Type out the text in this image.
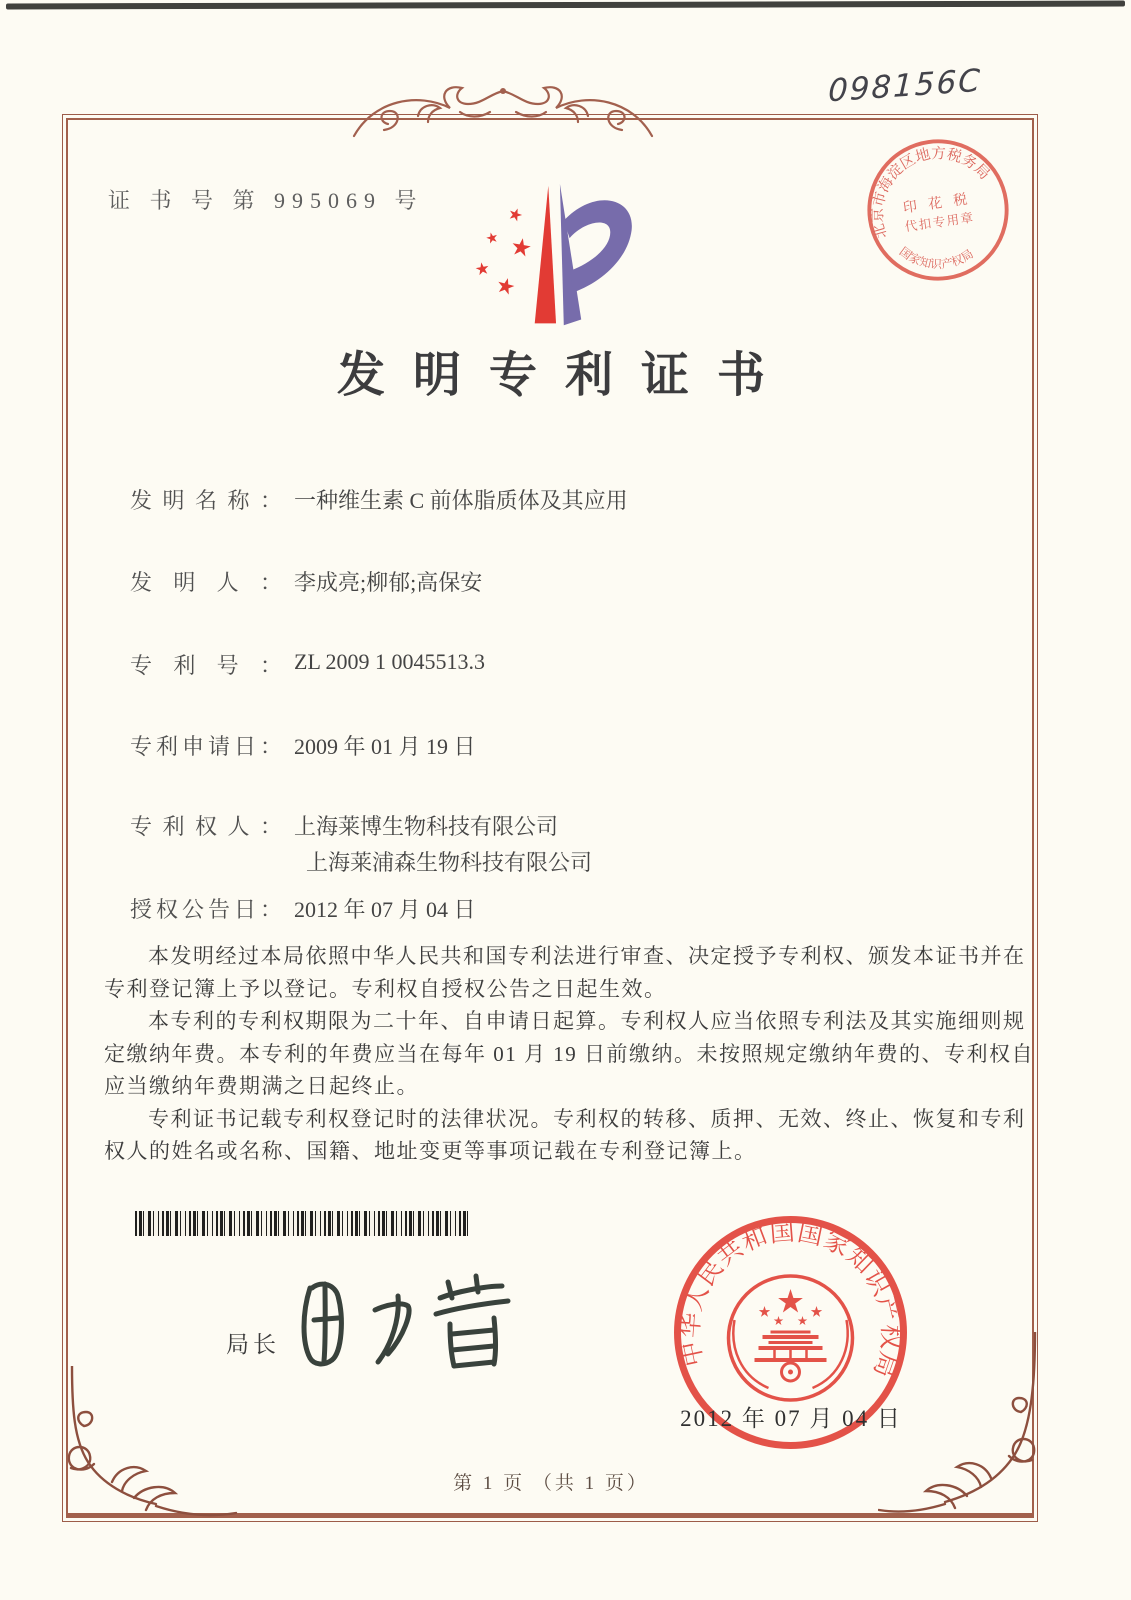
098156C
证 书 号 第 995069 号
北京市海淀区地方税务局
国家知识产权局
印 花 税
代扣专用章
发明专利证书
发明名称： 一种维生素 C 前体脂质体及其应用
发明人： 李成亮;柳郁;高保安
专利号： ZL 2009 1 0045513.3
专利申请日： 2009 年 01 月 19 日
专利权人： 上海莱博生物科技有限公司
上海莱浦森生物科技有限公司
授权公告日： 2012 年 07 月 04 日

本发明经过本局依照中华人民共和国专利法进行审查、决定授予专利权、颁发本证书并在专利登记簿上予以登记。专利权自授权公告之日起生效。

本专利的专利权期限为二十年、自申请日起算。专利权人应当依照专利法及其实施细则规定缴纳年费。本专利的年费应当在每年 01 月 19 日前缴纳。未按照规定缴纳年费的、专利权自应当缴纳年费期满之日起终止。

专利证书记载专利权登记时的法律状况。专利权的转移、质押、无效、终止、恢复和专利权人的姓名或名称、国籍、地址变更等事项记载在专利登记簿上。

局长	中华人民共和国国家知识产权局
2012 年 07 月 04 日
第 1 页 （共 1 页）
